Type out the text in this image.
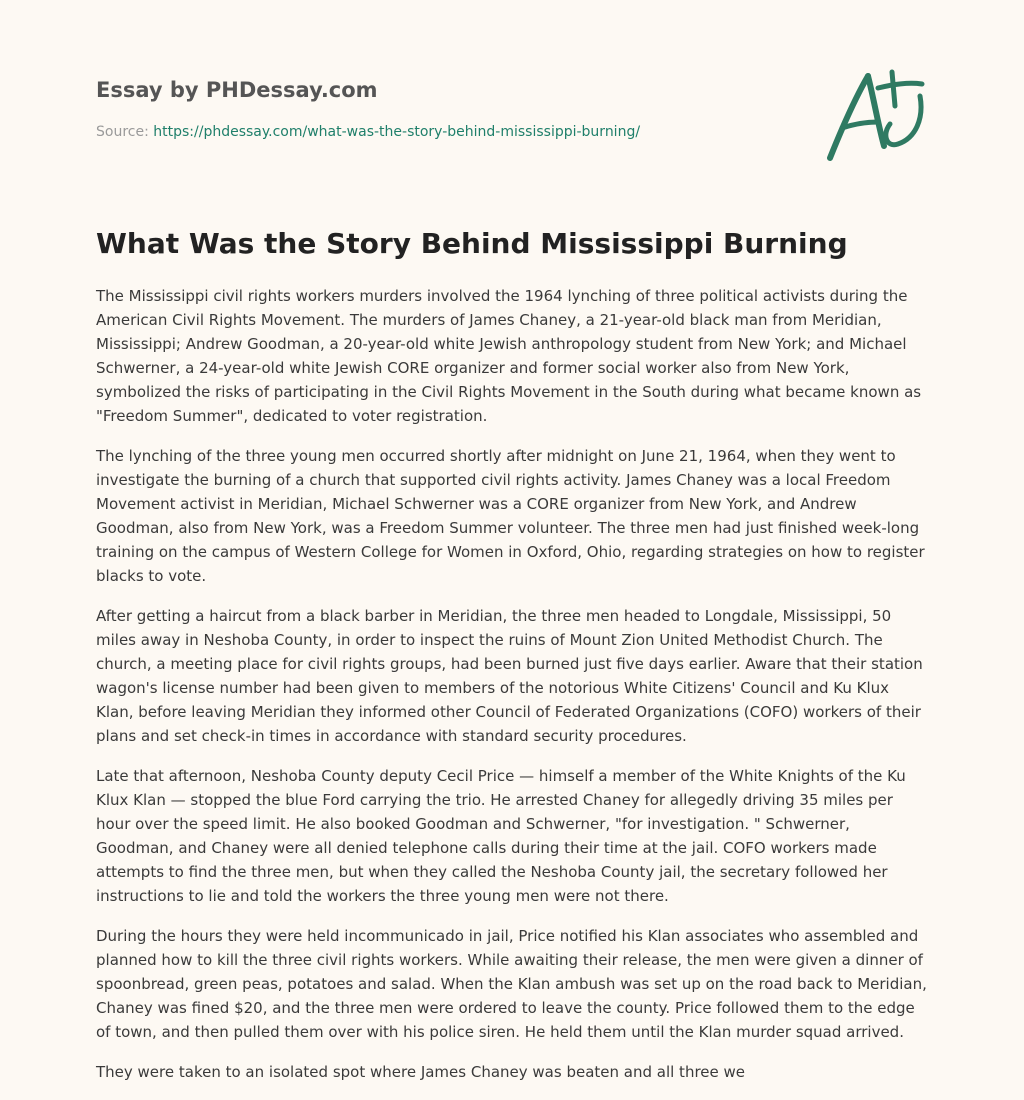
Essay by PHDessay.com
Source: https://phdessay.com/what-was-the-story-behind-mississippi-burning/
What Was the Story Behind Mississippi Burning

The Mississippi civil rights workers murders involved the 1964 lynching of three political activists during the American Civil Rights Movement. The murders of James Chaney, a 21-year-old black man from Meridian, Mississippi; Andrew Goodman, a 20-year-old white Jewish anthropology student from New York; and Michael Schwerner, a 24-year-old white Jewish CORE organizer and former social worker also from New York, symbolized the risks of participating in the Civil Rights Movement in the South during what became known as "Freedom Summer", dedicated to voter registration.

The lynching of the three young men occurred shortly after midnight on June 21, 1964, when they went to investigate the burning of a church that supported civil rights activity. James Chaney was a local Freedom Movement activist in Meridian, Michael Schwerner was a CORE organizer from New York, and Andrew Goodman, also from New York, was a Freedom Summer volunteer. The three men had just finished week-long training on the campus of Western College for Women in Oxford, Ohio, regarding strategies on how to register blacks to vote.

After getting a haircut from a black barber in Meridian, the three men headed to Longdale, Mississippi, 50 miles away in Neshoba County, in order to inspect the ruins of Mount Zion United Methodist Church. The church, a meeting place for civil rights groups, had been burned just five days earlier. Aware that their station wagon's license number had been given to members of the notorious White Citizens' Council and Ku Klux Klan, before leaving Meridian they informed other Council of Federated Organizations (COFO) workers of their plans and set check-in times in accordance with standard security procedures.

Late that afternoon, Neshoba County deputy Cecil Price — himself a member of the White Knights of the Ku Klux Klan — stopped the blue Ford carrying the trio. He arrested Chaney for allegedly driving 35 miles per hour over the speed limit. He also booked Goodman and Schwerner, "for investigation. " Schwerner, Goodman, and Chaney were all denied telephone calls during their time at the jail. COFO workers made attempts to find the three men, but when they called the Neshoba County jail, the secretary followed her instructions to lie and told the workers the three young men were not there.

During the hours they were held incommunicado in jail, Price notified his Klan associates who assembled and planned how to kill the three civil rights workers. While awaiting their release, the men were given a dinner of spoonbread, green peas, potatoes and salad. When the Klan ambush was set up on the road back to Meridian, Chaney was fined $20, and the three men were ordered to leave the county. Price followed them to the edge of town, and then pulled them over with his police siren. He held them until the Klan murder squad arrived.

They were taken to an isolated spot where James Chaney was beaten and all three we
